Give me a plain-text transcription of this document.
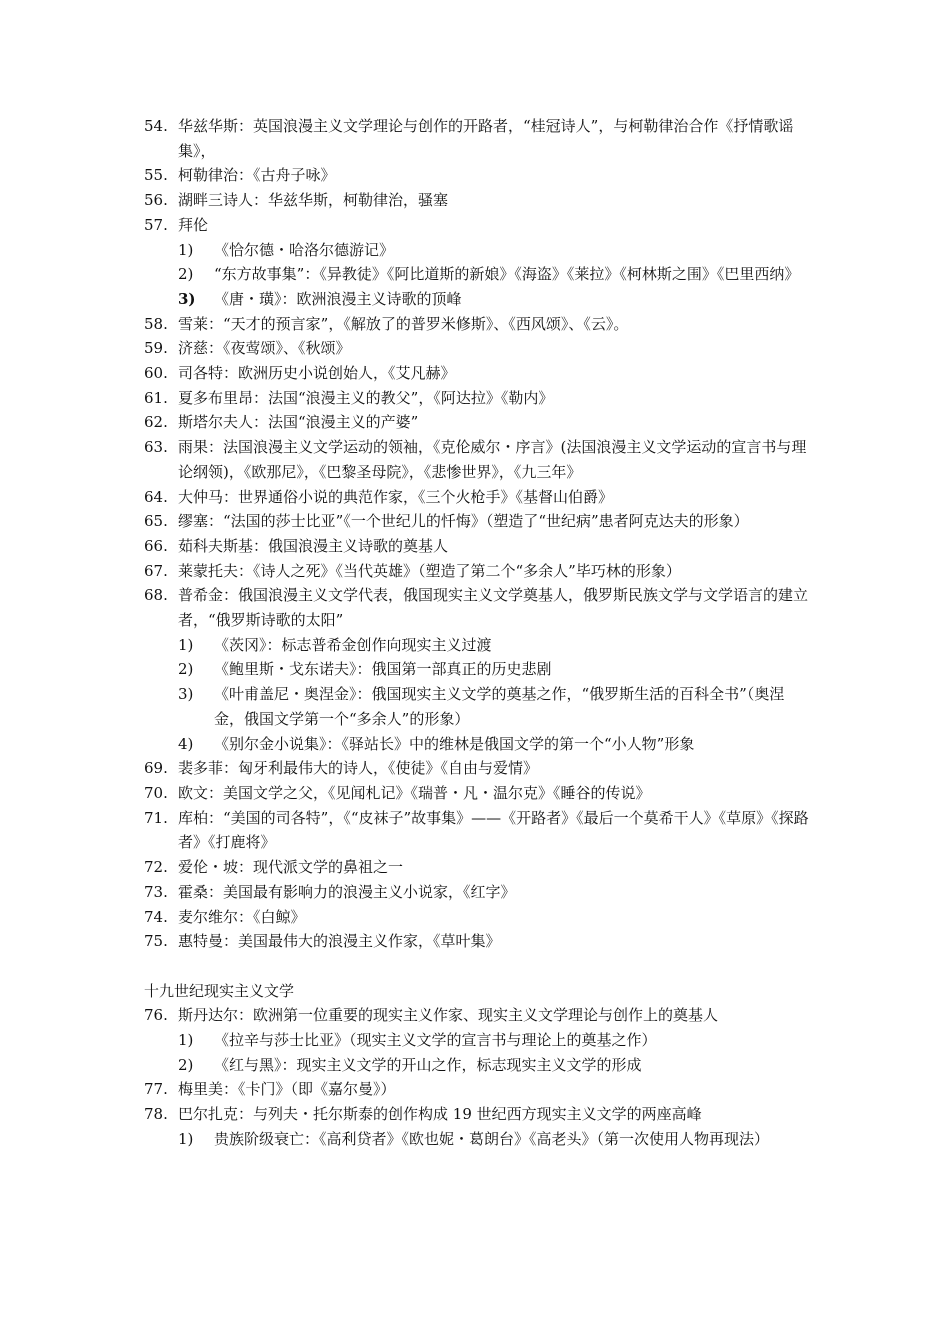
54. 华兹华斯：英国浪漫主义文学理论与创作的开路者，“桂冠诗人”，与柯勒律治合作《抒情歌谣集》，
55. 柯勒律治：《古舟子咏》
56. 湖畔三诗人：华兹华斯，柯勒律治，骚塞
57. 拜伦
1) 《恰尔德・哈洛尔德游记》
2) “东方故事集”：《异教徒》《阿比道斯的新娘》《海盗》《莱拉》《柯林斯之围》《巴里西纳》
3) 《唐・璜》：欧洲浪漫主义诗歌的顶峰
58. 雪莱：“天才的预言家”，《解放了的普罗米修斯》、《西风颂》、《云》。
59. 济慈：《夜莺颂》、《秋颂》
60. 司各特：欧洲历史小说创始人，《艾凡赫》
61. 夏多布里昂：法国“浪漫主义的教父”，《阿达拉》《勒内》
62. 斯塔尔夫人：法国“浪漫主义的产婆”
63. 雨果：法国浪漫主义文学运动的领袖，《克伦威尔・序言》(法国浪漫主义文学运动的宣言书与理论纲领)，《欧那尼》，《巴黎圣母院》，《悲惨世界》，《九三年》
64. 大仲马：世界通俗小说的典范作家，《三个火枪手》《基督山伯爵》
65. 缪塞：“法国的莎士比亚”《一个世纪儿的忏悔》（塑造了“世纪病”患者阿克达夫的形象）
66. 茹科夫斯基：俄国浪漫主义诗歌的奠基人
67. 莱蒙托夫：《诗人之死》《当代英雄》（塑造了第二个“多余人”毕巧林的形象）
68. 普希金：俄国浪漫主义文学代表，俄国现实主义文学奠基人，俄罗斯民族文学与文学语言的建立者，“俄罗斯诗歌的太阳”
1) 《茨冈》：标志普希金创作向现实主义过渡
2) 《鲍里斯・戈东诺夫》：俄国第一部真正的历史悲剧
3) 《叶甫盖尼・奥涅金》：俄国现实主义文学的奠基之作，“俄罗斯生活的百科全书”（奥涅金，俄国文学第一个“多余人”的形象）
4) 《别尔金小说集》：《驿站长》中的维林是俄国文学的第一个“小人物”形象
69. 裴多菲：匈牙利最伟大的诗人，《使徒》《自由与爱情》
70. 欧文：美国文学之父，《见闻札记》《瑞普・凡・温尔克》《睡谷的传说》
71. 库柏：“美国的司各特”，《“皮袜子”故事集》——《开路者》《最后一个莫希干人》《草原》《探路者》《打鹿将》
72. 爱伦・坡：现代派文学的鼻祖之一
73. 霍桑：美国最有影响力的浪漫主义小说家，《红字》
74. 麦尔维尔：《白鲸》
75. 惠特曼：美国最伟大的浪漫主义作家，《草叶集》
十九世纪现实主义文学
76. 斯丹达尔：欧洲第一位重要的现实主义作家、现实主义文学理论与创作上的奠基人
1) 《拉辛与莎士比亚》（现实主义文学的宣言书与理论上的奠基之作）
2) 《红与黑》：现实主义文学的开山之作，标志现实主义文学的形成
77. 梅里美：《卡门》（即《嘉尔曼》）
78. 巴尔扎克：与列夫・托尔斯泰的创作构成 19 世纪西方现实主义文学的两座高峰
1) 贵族阶级衰亡：《高利贷者》《欧也妮・葛朗台》《高老头》（第一次使用人物再现法）
